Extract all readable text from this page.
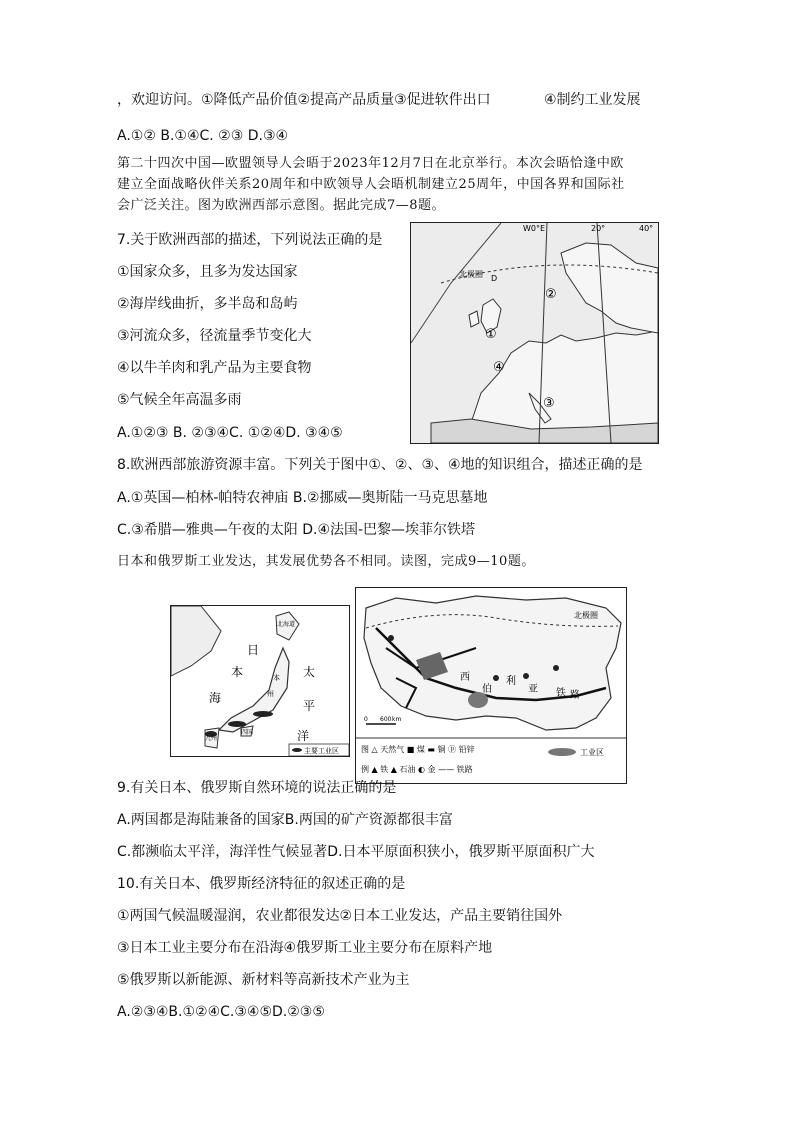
，欢迎访问。①降低产品价值②提高产品质量③促进软件出口	④制约工业发展
A.①② B.①④C. ②③ D.③④
第二十四次中国—欧盟领导人会晤于2023年12月7日在北京举行。本次会晤恰逢中欧
建立全面战略伙伴关系20周年和中欧领导人会晤机制建立25周年，中国各界和国际社
会广泛关注。图为欧洲西部示意图。据此完成7—8题。
7.关于欧洲西部的描述，下列说法正确的是
①国家众多，且多为发达国家
②海岸线曲折，多半岛和岛屿
③河流众多，径流量季节变化大
④以牛羊肉和乳产品为主要食物
⑤气候全年高温多雨
A.①②③ B. ②③④C. ①②④D. ③④⑤
W0°E	20°	40°
北极圈 D
①
②
③
④
8.欧洲西部旅游资源丰富。下列关于图中①、②、③、④地的知识组合，描述正确的是
A.①英国—柏林-帕特农神庙 B.②挪威—奥斯陆一马克思墓地
C.③希腊—雅典—午夜的太阳 D.④法国-巴黎—埃菲尔铁塔
日本和俄罗斯工业发达，其发展优势各不相同。读图，完成9—10题。
日
本
海
太
平
洋
北海道
本
州
四 国
九州
主要工业区
北极圈
西
伯
利
亚 铁 路
0 600 km
图 △ 天然气 ■ 煤 ▬ 铜 ⓟ 铅锌
例 ▲ 铁 ▲ 石油 ◐ 金 —— 铁路
工业区
9.有关日本、俄罗斯自然环境的说法正确的是
A.两国都是海陆兼备的国家B.两国的矿产资源都很丰富
C.都濒临太平洋，海洋性气候显著D.日本平原面积狭小，俄罗斯平原面积广大
10.有关日本、俄罗斯经济特征的叙述正确的是
①两国气候温暖湿润，农业都很发达②日本工业发达，产品主要销往国外
③日本工业主要分布在沿海④俄罗斯工业主要分布在原料产地
⑤俄罗斯以新能源、新材料等高新技术产业为主
A.②③④B.①②④C.③④⑤D.②③⑤
